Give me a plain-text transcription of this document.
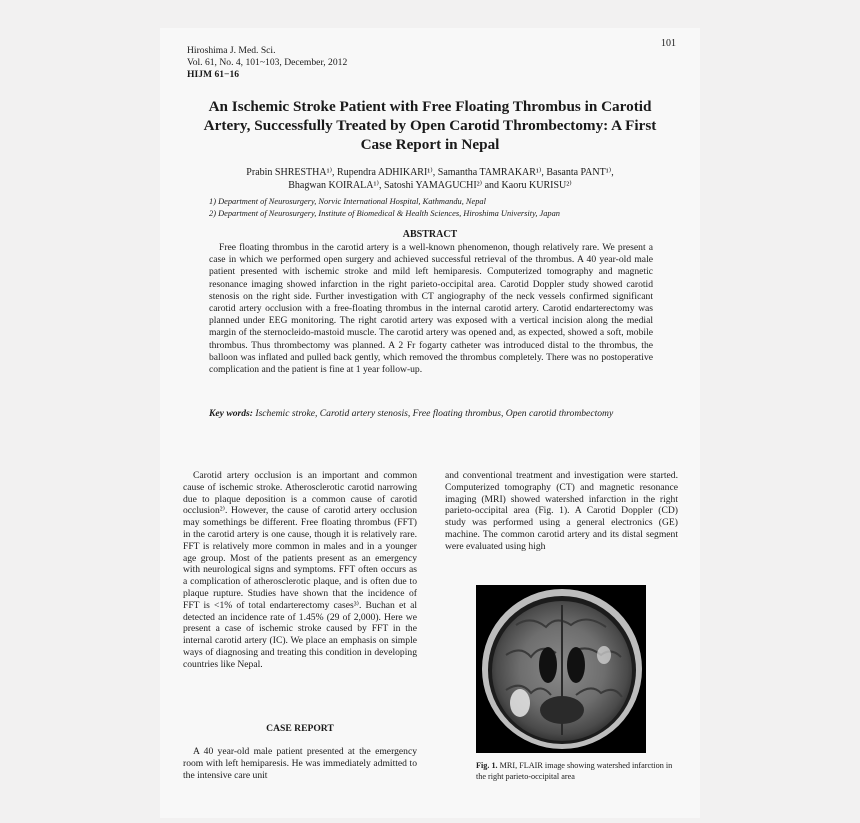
Hiroshima J. Med. Sci.
Vol. 61, No. 4, 101~103, December, 2012
HIJM 61−16
101
An Ischemic Stroke Patient with Free Floating Thrombus in Carotid Artery, Successfully Treated by Open Carotid Thrombectomy: A First Case Report in Nepal
Prabin SHRESTHA¹⁾, Rupendra ADHIKARI¹⁾, Samantha TAMRAKAR¹⁾, Basanta PANT¹⁾,
Bhagwan KOIRALA¹⁾, Satoshi YAMAGUCHI²⁾ and Kaoru KURISU²⁾
1) Department of Neurosurgery, Norvic International Hospital, Kathmandu, Nepal
2) Department of Neurosurgery, Institute of Biomedical & Health Sciences, Hiroshima University, Japan
ABSTRACT
Free floating thrombus in the carotid artery is a well-known phenomenon, though relatively rare. We present a case in which we performed open surgery and achieved successful retrieval of the thrombus. A 40 year-old male patient presented with ischemic stroke and mild left hemiparesis. Computerized tomography and magnetic resonance imaging showed infarction in the right parieto-occipital area. Carotid Doppler study showed carotid stenosis on the right side. Further investigation with CT angiography of the neck vessels confirmed significant carotid artery occlusion with a free-floating thrombus in the internal carotid artery. Carotid endarterectomy was planned under EEG monitoring. The right carotid artery was exposed with a vertical incision along the medial margin of the sternocleido-mastoid muscle. The carotid artery was opened and, as expected, showed a soft, mobile thrombus. Thus thrombectomy was planned. A 2 Fr fogarty catheter was introduced distal to the thrombus, the balloon was inflated and pulled back gently, which removed the thrombus completely. There was no postoperative complication and the patient is fine at 1 year follow-up.
Key words: Ischemic stroke, Carotid artery stenosis, Free floating thrombus, Open carotid thrombectomy

Carotid artery occlusion is an important and common cause of ischemic stroke. Atherosclerotic carotid narrowing due to plaque deposition is a common cause of carotid occlusion²⁾. However, the cause of carotid artery occlusion may somethings be different. Free floating thrombus (FFT) in the carotid artery is one cause, though it is relatively rare. FFT is relatively more common in males and in a younger age group. Most of the patients present as an emergency with neurological signs and symptoms. FFT often occurs as a complication of atherosclerotic plaque, and is often due to plaque rupture. Studies have shown that the incidence of FFT is <1% of total endarterectomy cases³⁾. Buchan et al detected an incidence rate of 1.45% (29 of 2,000). Here we present a case of ischemic stroke caused by FFT in the internal carotid artery (IC). We place an emphasis on simple ways of diagnosing and treating this condition in developing countries like Nepal.

CASE REPORT

A 40 year-old male patient presented at the emergency room with left hemiparesis. He was immediately admitted to the intensive care unit

and conventional treatment and investigation were started. Computerized tomography (CT) and magnetic resonance imaging (MRI) showed watershed infarction in the right parieto-occipital area (Fig. 1). A Carotid Doppler (CD) study was performed using a general electronics (GE) machine. The common carotid artery and its distal segment were evaluated using high

Fig. 1. MRI, FLAIR image showing watershed infarction in the right parieto-occipital area
